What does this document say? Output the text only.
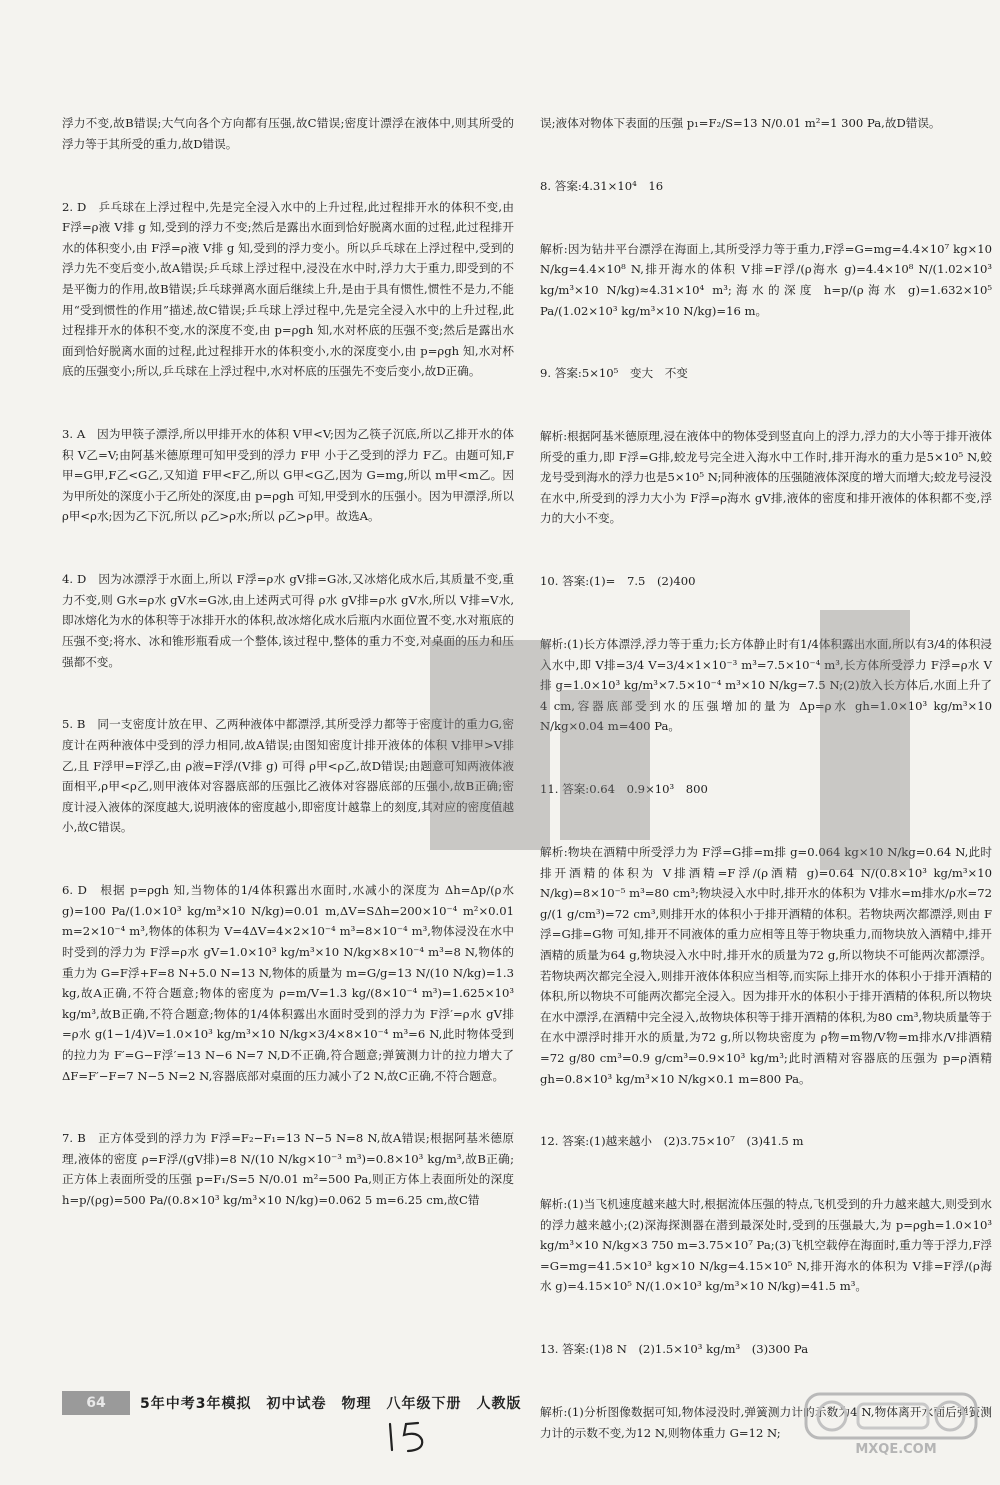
浮力不变,故B错误;大气向各个方向都有压强,故C错误;密度计漂浮在液体中,则其所受的浮力等于其所受的重力,故D错误。

2. D　乒乓球在上浮过程中,先是完全浸入水中的上升过程,此过程排开水的体积不变,由 F浮=ρ液 V排 g 知,受到的浮力不变;然后是露出水面到恰好脱离水面的过程,此过程排开水的体积变小,由 F浮=ρ液 V排 g 知,受到的浮力变小。所以乒乓球在上浮过程中,受到的浮力先不变后变小,故A错误;乒乓球上浮过程中,浸没在水中时,浮力大于重力,即受到的不是平衡力的作用,故B错误;乒乓球弹离水面后继续上升,是由于具有惯性,惯性不是力,不能用“受到惯性的作用”描述,故C错误;乒乓球上浮过程中,先是完全浸入水中的上升过程,此过程排开水的体积不变,水的深度不变,由 p=ρgh 知,水对杯底的压强不变;然后是露出水面到恰好脱离水面的过程,此过程排开水的体积变小,水的深度变小,由 p=ρgh 知,水对杯底的压强变小;所以,乒乓球在上浮过程中,水对杯底的压强先不变后变小,故D正确。

3. A　因为甲筷子漂浮,所以甲排开水的体积 V甲<V;因为乙筷子沉底,所以乙排开水的体积 V乙=V;由阿基米德原理可知甲受到的浮力 F甲 小于乙受到的浮力 F乙。由题可知,F甲=G甲,F乙<G乙,又知道 F甲<F乙,所以 G甲<G乙,因为 G=mg,所以 m甲<m乙。因为甲所处的深度小于乙所处的深度,由 p=ρgh 可知,甲受到水的压强小。因为甲漂浮,所以 ρ甲<ρ水;因为乙下沉,所以 ρ乙>ρ水;所以 ρ乙>ρ甲。故选A。

4. D　因为冰漂浮于水面上,所以 F浮=ρ水 gV排=G冰,又冰熔化成水后,其质量不变,重力不变,则 G水=ρ水 gV水=G冰,由上述两式可得 ρ水 gV排=ρ水 gV水,所以 V排=V水,即冰熔化为水的体积等于冰排开水的体积,故冰熔化成水后瓶内水面位置不变,水对瓶底的压强不变;将水、冰和锥形瓶看成一个整体,该过程中,整体的重力不变,对桌面的压力和压强都不变。

5. B　同一支密度计放在甲、乙两种液体中都漂浮,其所受浮力都等于密度计的重力G,密度计在两种液体中受到的浮力相同,故A错误;由图知密度计排开液体的体积 V排甲>V排乙,且 F浮甲=F浮乙,由 ρ液=F浮/(V排 g) 可得 ρ甲<ρ乙,故D错误;由题意可知两液体液面相平,ρ甲<ρ乙,则甲液体对容器底部的压强比乙液体对容器底部的压强小,故B正确;密度计浸入液体的深度越大,说明液体的密度越小,即密度计越靠上的刻度,其对应的密度值越小,故C错误。

6. D　根据 p=ρgh 知,当物体的1/4体积露出水面时,水减小的深度为 Δh=Δp/(ρ水 g)=100 Pa/(1.0×10³ kg/m³×10 N/kg)=0.01 m,ΔV=SΔh=200×10⁻⁴ m²×0.01 m=2×10⁻⁴ m³,物体的体积为 V=4ΔV=4×2×10⁻⁴ m³=8×10⁻⁴ m³,物体浸没在水中时受到的浮力为 F浮=ρ水 gV=1.0×10³ kg/m³×10 N/kg×8×10⁻⁴ m³=8 N,物体的重力为 G=F浮+F=8 N+5.0 N=13 N,物体的质量为 m=G/g=13 N/(10 N/kg)=1.3 kg,故A正确,不符合题意;物体的密度为 ρ=m/V=1.3 kg/(8×10⁻⁴ m³)=1.625×10³ kg/m³,故B正确,不符合题意;物体的1/4体积露出水面时受到的浮力为 F浮′=ρ水 gV排=ρ水 g(1−1/4)V=1.0×10³ kg/m³×10 N/kg×3/4×8×10⁻⁴ m³=6 N,此时物体受到的拉力为 F′=G−F浮′=13 N−6 N=7 N,D不正确,符合题意;弹簧测力计的拉力增大了 ΔF=F′−F=7 N−5 N=2 N,容器底部对桌面的压力减小了2 N,故C正确,不符合题意。

7. B　正方体受到的浮力为 F浮=F₂−F₁=13 N−5 N=8 N,故A错误;根据阿基米德原理,液体的密度 ρ=F浮/(gV排)=8 N/(10 N/kg×10⁻³ m³)=0.8×10³ kg/m³,故B正确;正方体上表面所受的压强 p=F₁/S=5 N/0.01 m²=500 Pa,则正方体上表面所处的深度 h=p/(ρg)=500 Pa/(0.8×10³ kg/m³×10 N/kg)=0.062 5 m=6.25 cm,故C错

误;液体对物体下表面的压强 p₁=F₂/S=13 N/0.01 m²=1 300 Pa,故D错误。

8. 答案:4.31×10⁴　16

解析:因为钻井平台漂浮在海面上,其所受浮力等于重力,F浮=G=mg=4.4×10⁷ kg×10 N/kg=4.4×10⁸ N,排开海水的体积 V排=F浮/(ρ海水 g)=4.4×10⁸ N/(1.02×10³ kg/m³×10 N/kg)≈4.31×10⁴ m³;海水的深度 h=p/(ρ海水 g)=1.632×10⁵ Pa/(1.02×10³ kg/m³×10 N/kg)=16 m。

9. 答案:5×10⁵　变大　不变

解析:根据阿基米德原理,浸在液体中的物体受到竖直向上的浮力,浮力的大小等于排开液体所受的重力,即 F浮=G排,蛟龙号完全进入海水中工作时,排开海水的重力是5×10⁵ N,蛟龙号受到海水的浮力也是5×10⁵ N;同种液体的压强随液体深度的增大而增大;蛟龙号浸没在水中,所受到的浮力大小为 F浮=ρ海水 gV排,液体的密度和排开液体的体积都不变,浮力的大小不变。

10. 答案:(1)=　7.5　(2)400

解析:(1)长方体漂浮,浮力等于重力;长方体静止时有1/4体积露出水面,所以有3/4的体积浸入水中,即 V排=3/4 V=3/4×1×10⁻³ m³=7.5×10⁻⁴ m³,长方体所受浮力 F浮=ρ水 V排 g=1.0×10³ kg/m³×7.5×10⁻⁴ m³×10 N/kg=7.5 N;(2)放入长方体后,水面上升了4 cm,容器底部受到水的压强增加的量为 Δp=ρ水 gh=1.0×10³ kg/m³×10 N/kg×0.04 m=400 Pa。

11. 答案:0.64　0.9×10³　800

解析:物块在酒精中所受浮力为 F浮=G排=m排 g=0.064 kg×10 N/kg=0.64 N,此时排开酒精的体积为 V排酒精=F浮/(ρ酒精 g)=0.64 N/(0.8×10³ kg/m³×10 N/kg)=8×10⁻⁵ m³=80 cm³;物块浸入水中时,排开水的体积为 V排水=m排水/ρ水=72 g/(1 g/cm³)=72 cm³,则排开水的体积小于排开酒精的体积。若物块两次都漂浮,则由 F浮=G排=G物 可知,排开不同液体的重力应相等且等于物块重力,而物块放入酒精中,排开酒精的质量为64 g,物块浸入水中时,排开水的质量为72 g,所以物块不可能两次都漂浮。若物块两次都完全浸入,则排开液体体积应当相等,而实际上排开水的体积小于排开酒精的体积,所以物块不可能两次都完全浸入。因为排开水的体积小于排开酒精的体积,所以物块在水中漂浮,在酒精中完全浸入,故物块体积等于排开酒精的体积,为80 cm³,物块质量等于在水中漂浮时排开水的质量,为72 g,所以物块密度为 ρ物=m物/V物=m排水/V排酒精=72 g/80 cm³=0.9 g/cm³=0.9×10³ kg/m³;此时酒精对容器底的压强为 p=ρ酒精 gh=0.8×10³ kg/m³×10 N/kg×0.1 m=800 Pa。

12. 答案:(1)越来越小　(2)3.75×10⁷　(3)41.5 m

解析:(1)当飞机速度越来越大时,根据流体压强的特点,飞机受到的升力越来越大,则受到水的浮力越来越小;(2)深海探测器在潜到最深处时,受到的压强最大,为 p=ρgh=1.0×10³ kg/m³×10 N/kg×3 750 m=3.75×10⁷ Pa;(3)飞机空载停在海面时,重力等于浮力,F浮=G=mg=41.5×10³ kg×10 N/kg=4.15×10⁵ N,排开海水的体积为 V排=F浮/(ρ海水 g)=4.15×10⁵ N/(1.0×10³ kg/m³×10 N/kg)=41.5 m³。

13. 答案:(1)8 N　(2)1.5×10³ kg/m³　(3)300 Pa

解析:(1)分析图像数据可知,物体浸没时,弹簧测力计的示数为4 N,物体离开水面后弹簧测力计的示数不变,为12 N,则物体重力 G=12 N;

64	5年中考3年模拟　初中试卷　物理　八年级下册　人教版
MXQE.COM
